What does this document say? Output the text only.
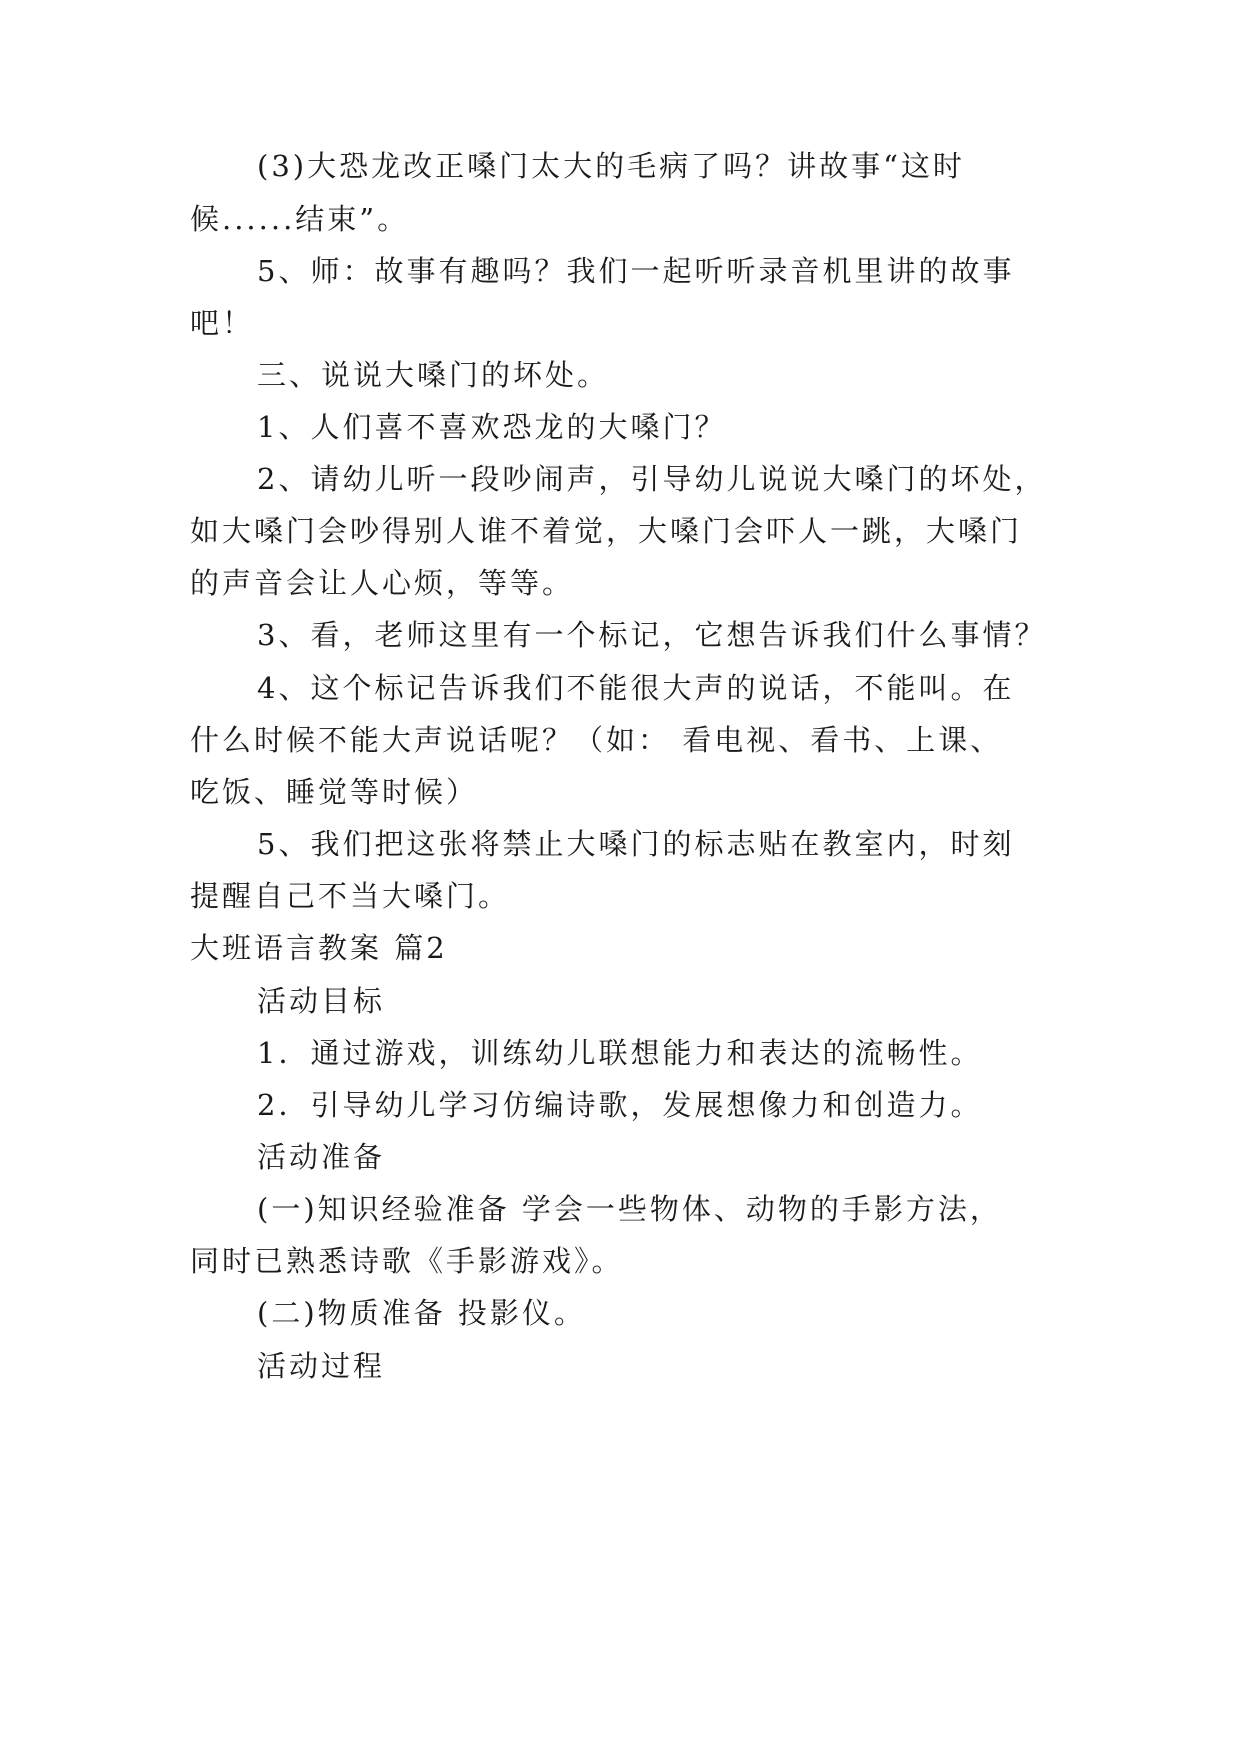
(3)大恐龙改正嗓门太大的毛病了吗？讲故事“这时
候......结束”。
5、师：故事有趣吗？我们一起听听录音机里讲的故事
吧！
三、说说大嗓门的坏处。
1、人们喜不喜欢恐龙的大嗓门？
2、请幼儿听一段吵闹声，引导幼儿说说大嗓门的坏处，
如大嗓门会吵得别人谁不着觉，大嗓门会吓人一跳，大嗓门
的声音会让人心烦，等等。
3、看，老师这里有一个标记，它想告诉我们什么事情？
4、这个标记告诉我们不能很大声的说话，不能叫。在
什么时候不能大声说话呢？（如： 看电视、看书、上课、
吃饭、睡觉等时候）
5、我们把这张将禁止大嗓门的标志贴在教室内，时刻
提醒自己不当大嗓门。
大班语言教案 篇2
活动目标
1．通过游戏，训练幼儿联想能力和表达的流畅性。
2．引导幼儿学习仿编诗歌，发展想像力和创造力。
活动准备
(一)知识经验准备 学会一些物体、动物的手影方法，
同时已熟悉诗歌《手影游戏》。
(二)物质准备 投影仪。
活动过程
